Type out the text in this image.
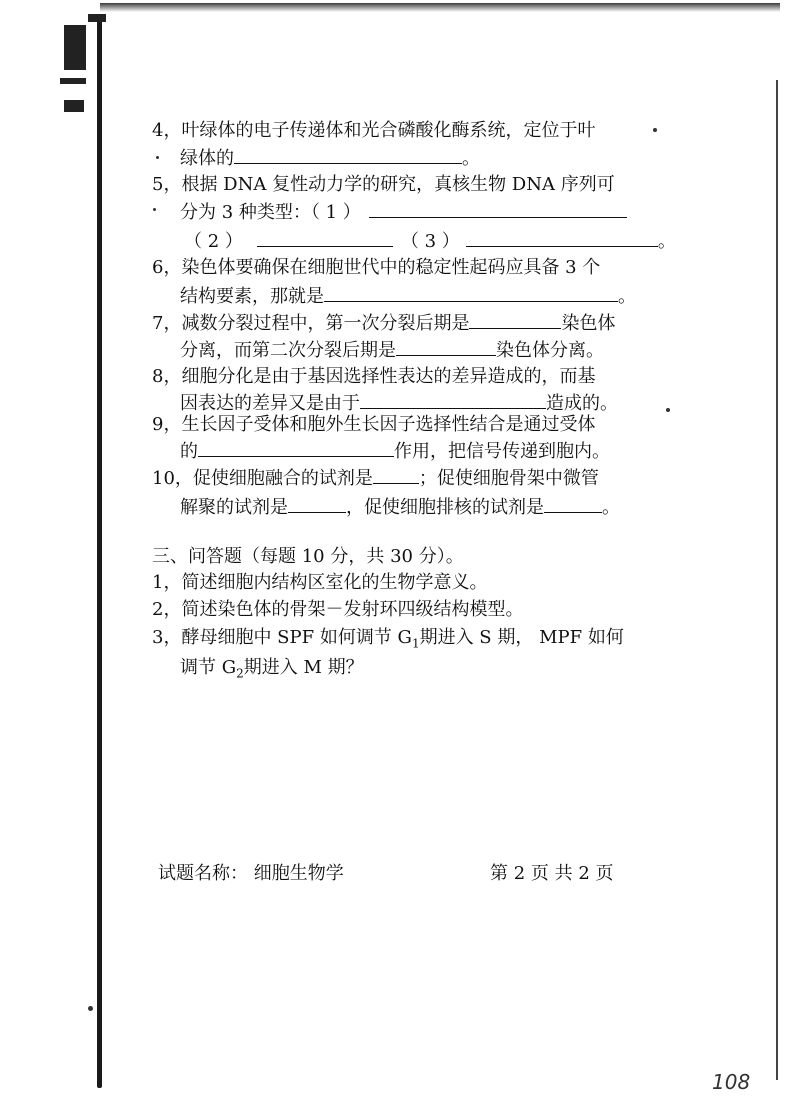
4，叶绿体的电子传递体和光合磷酸化酶系统，定位于叶
绿体的	。
5，根据 DNA 复性动力学的研究，真核生物 DNA 序列可
分为 3 种类型：（ 1 ）
（ 2 ）	（ 3 ）	。
6，染色体要确保在细胞世代中的稳定性起码应具备 3 个
结构要素，那就是	。
7，减数分裂过程中，第一次分裂后期是	染色体
分离，而第二次分裂后期是	染色体分离。
8，细胞分化是由于基因选择性表达的差异造成的，而基
因表达的差异又是由于	造成的。
9，生长因子受体和胞外生长因子选择性结合是通过受体
的	作用，把信号传递到胞内。
10，促使细胞融合的试剂是	；促使细胞骨架中微管
解聚的试剂是	，促使细胞排核的试剂是	。
三、问答题（每题 10 分，共 30 分）。
1，简述细胞内结构区室化的生物学意义。
2，简述染色体的骨架－发射环四级结构模型。
3，酵母细胞中 SPF 如何调节 $G_1$期进入 S 期， MPF 如何
调节 $G_2$期进入 M 期？
试题名称： 细胞生物学	第 2 页 共 2 页
108
